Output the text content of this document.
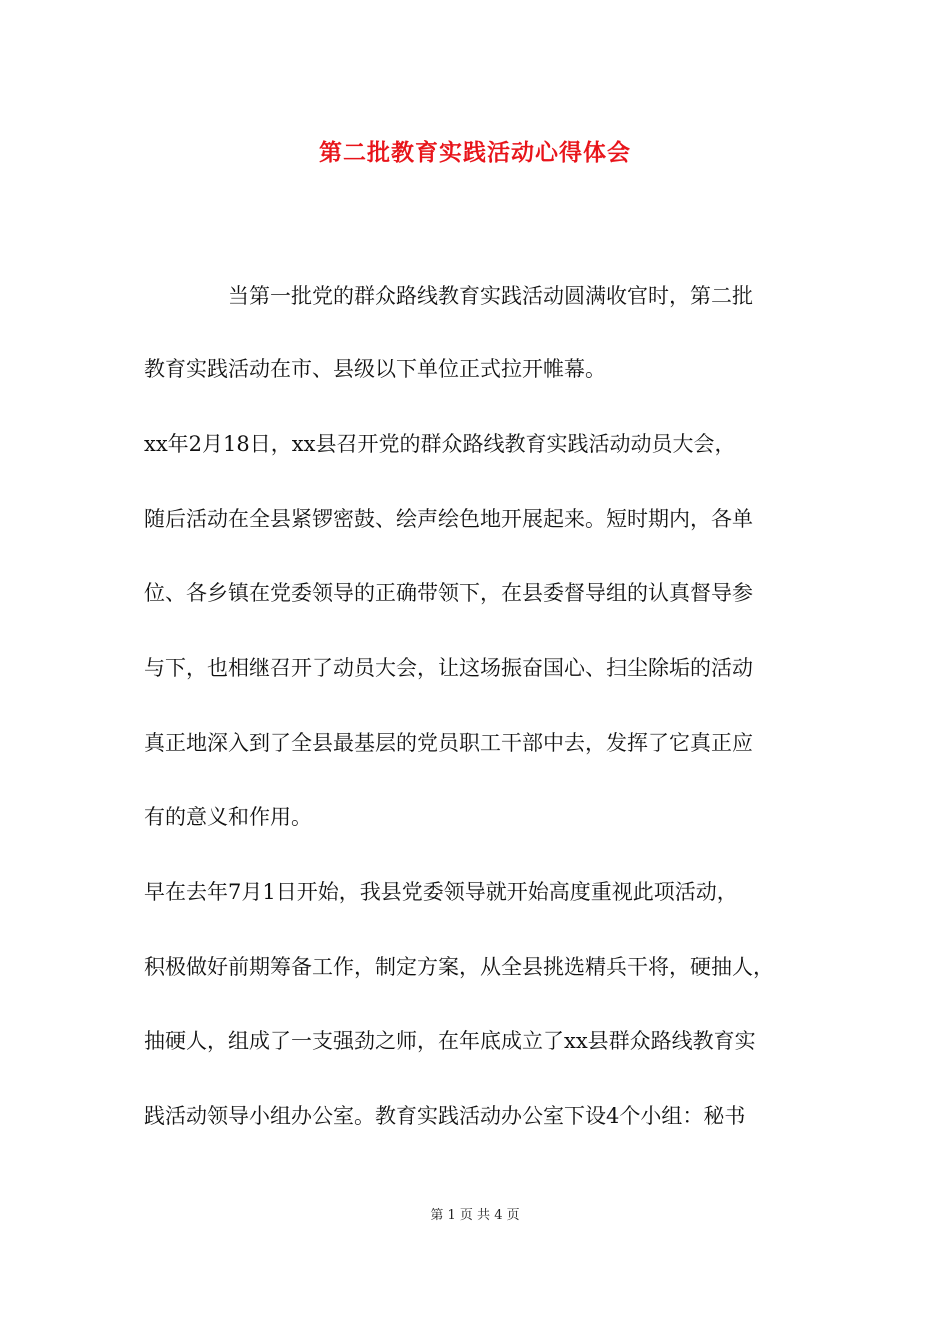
第二批教育实践活动心得体会
　　　　当第一批党的群众路线教育实践活动圆满收官时，第二批
教育实践活动在市、县级以下单位正式拉开帷幕。
xx年2月18日，xx县召开党的群众路线教育实践活动动员大会，
随后活动在全县紧锣密鼓、绘声绘色地开展起来。短时期内，各单
位、各乡镇在党委领导的正确带领下，在县委督导组的认真督导参
与下，也相继召开了动员大会，让这场振奋国心、扫尘除垢的活动
真正地深入到了全县最基层的党员职工干部中去，发挥了它真正应
有的意义和作用。
早在去年7月1日开始，我县党委领导就开始高度重视此项活动，
积极做好前期筹备工作，制定方案，从全县挑选精兵干将，硬抽人，
抽硬人，组成了一支强劲之师，在年底成立了xx县群众路线教育实
践活动领导小组办公室。教育实践活动办公室下设4个小组：秘书
第 1 页 共 4 页
